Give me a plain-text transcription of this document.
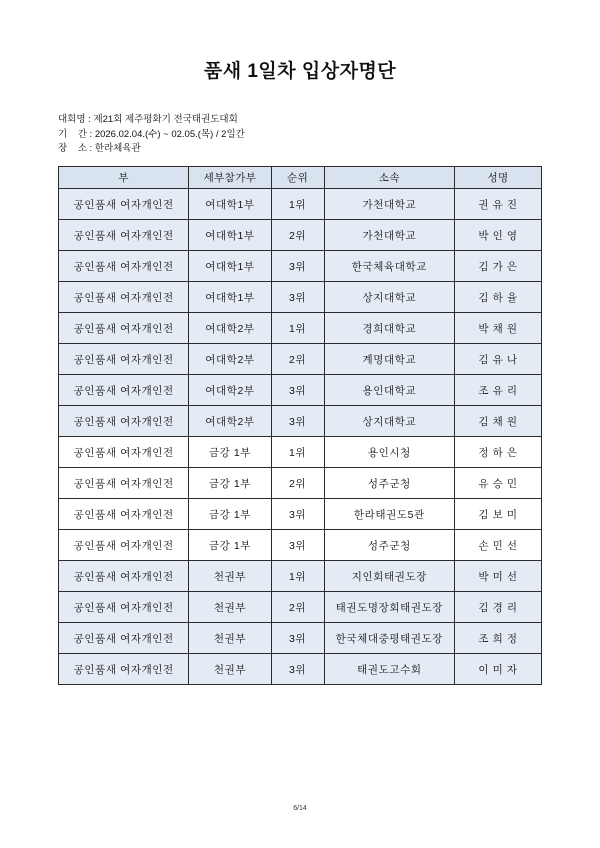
품새 1일차 입상자명단
대회명 : 제21회 제주평화기 전국태권도대회
기    간 : 2026.02.04.(수) ~ 02.05.(목) / 2일간
장    소 : 한라체육관
부	세부참가부	순위	소속	성명
공인품새 여자개인전	여대학1부	1위	가천대학교	권 유 진
공인품새 여자개인전	여대학1부	2위	가천대학교	박 인 영
공인품새 여자개인전	여대학1부	3위	한국체육대학교	김 가 은
공인품새 여자개인전	여대학1부	3위	상지대학교	김 하 율
공인품새 여자개인전	여대학2부	1위	경희대학교	박 채 원
공인품새 여자개인전	여대학2부	2위	계명대학교	김 유 나
공인품새 여자개인전	여대학2부	3위	용인대학교	조 유 리
공인품새 여자개인전	여대학2부	3위	상지대학교	김 채 원
공인품새 여자개인전	금강 1부	1위	용인시청	정 하 은
공인품새 여자개인전	금강 1부	2위	성주군청	유 승 민
공인품새 여자개인전	금강 1부	3위	한라태권도5관	김 보 미
공인품새 여자개인전	금강 1부	3위	성주군청	손 민 선
공인품새 여자개인전	천권부	1위	지인회태권도장	박 미 선
공인품새 여자개인전	천권부	2위	태권도명장회태권도장	김 경 리
공인품새 여자개인전	천권부	3위	한국체대중평태권도장	조 희 정
공인품새 여자개인전	천권부	3위	태권도고수회	이 미 자
6/14
